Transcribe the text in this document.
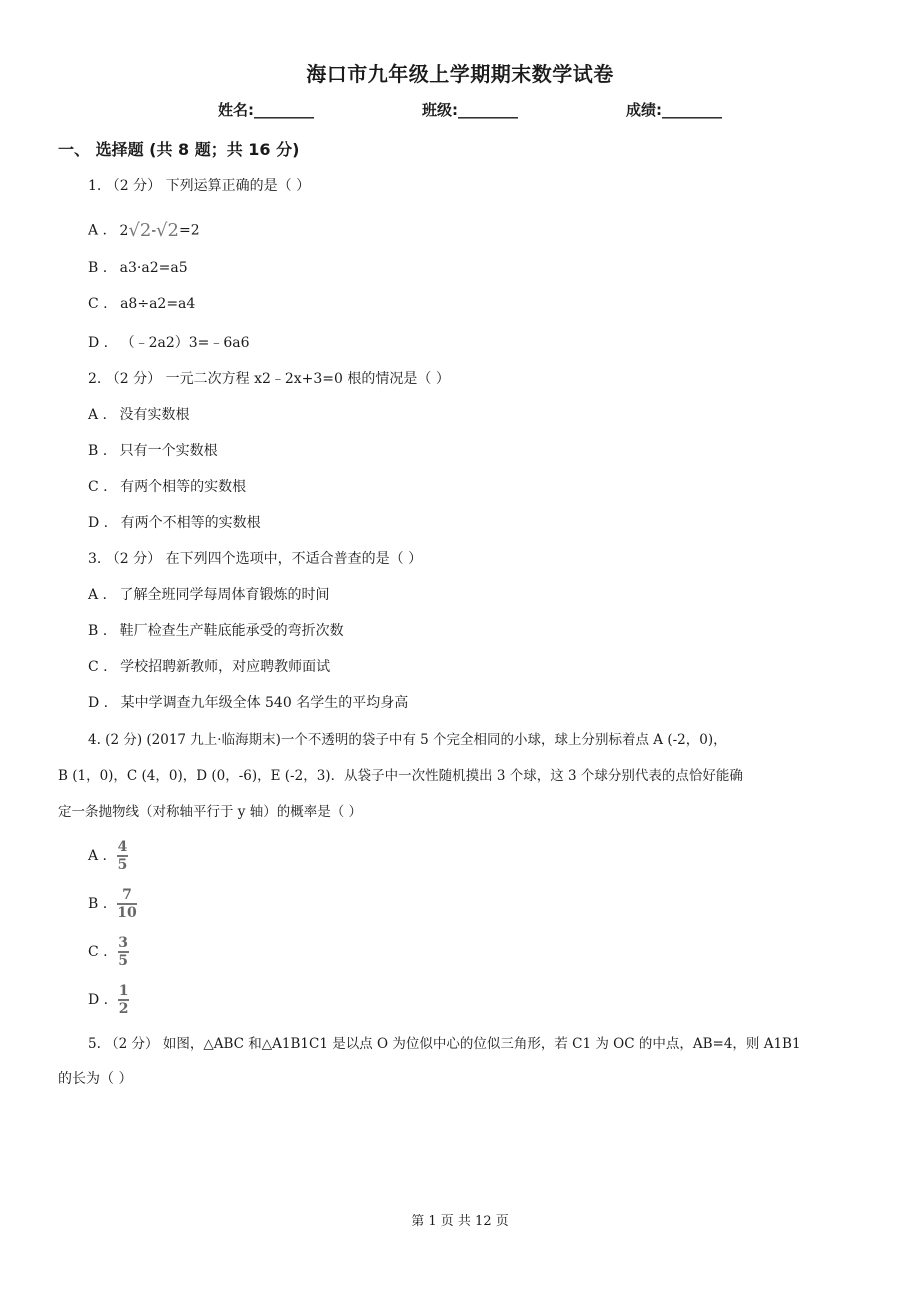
海口市九年级上学期期末数学试卷
姓名:________	班级:________	成绩:________
一、 选择题 (共 8 题；共 16 分)
1. （2 分） 下列运算正确的是（ ）
A . 2√2-√2=2
B . a3·a2=a5
C . a8÷a2=a4
D . （﹣2a2）3=﹣6a6
2. （2 分） 一元二次方程 x2﹣2x+3=0 根的情况是（ ）
A . 没有实数根
B . 只有一个实数根
C . 有两个相等的实数根
D . 有两个不相等的实数根
3. （2 分） 在下列四个选项中，不适合普查的是（ ）
A . 了解全班同学每周体育锻炼的时间
B . 鞋厂检查生产鞋底能承受的弯折次数
C . 学校招聘新教师，对应聘教师面试
D . 某中学调查九年级全体 540 名学生的平均身高
4. (2 分) (2017 九上·临海期末)一个不透明的袋子中有 5 个完全相同的小球，球上分别标着点 A (-2，0)，
B (1，0)，C (4，0)，D (0，-6)，E (-2，3)．从袋子中一次性随机摸出 3 个球，这 3 个球分别代表的点恰好能确
定一条抛物线（对称轴平行于 y 轴）的概率是（ ）
A . $\frac{4}{5}$
B . $\frac{7}{10}$
C . $\frac{3}{5}$
D . $\frac{1}{2}$
5. （2 分） 如图，△ABC 和△A1B1C1 是以点 O 为位似中心的位似三角形，若 C1 为 OC 的中点，AB=4，则 A1B1
的长为（ ）
第 1 页 共 12 页
